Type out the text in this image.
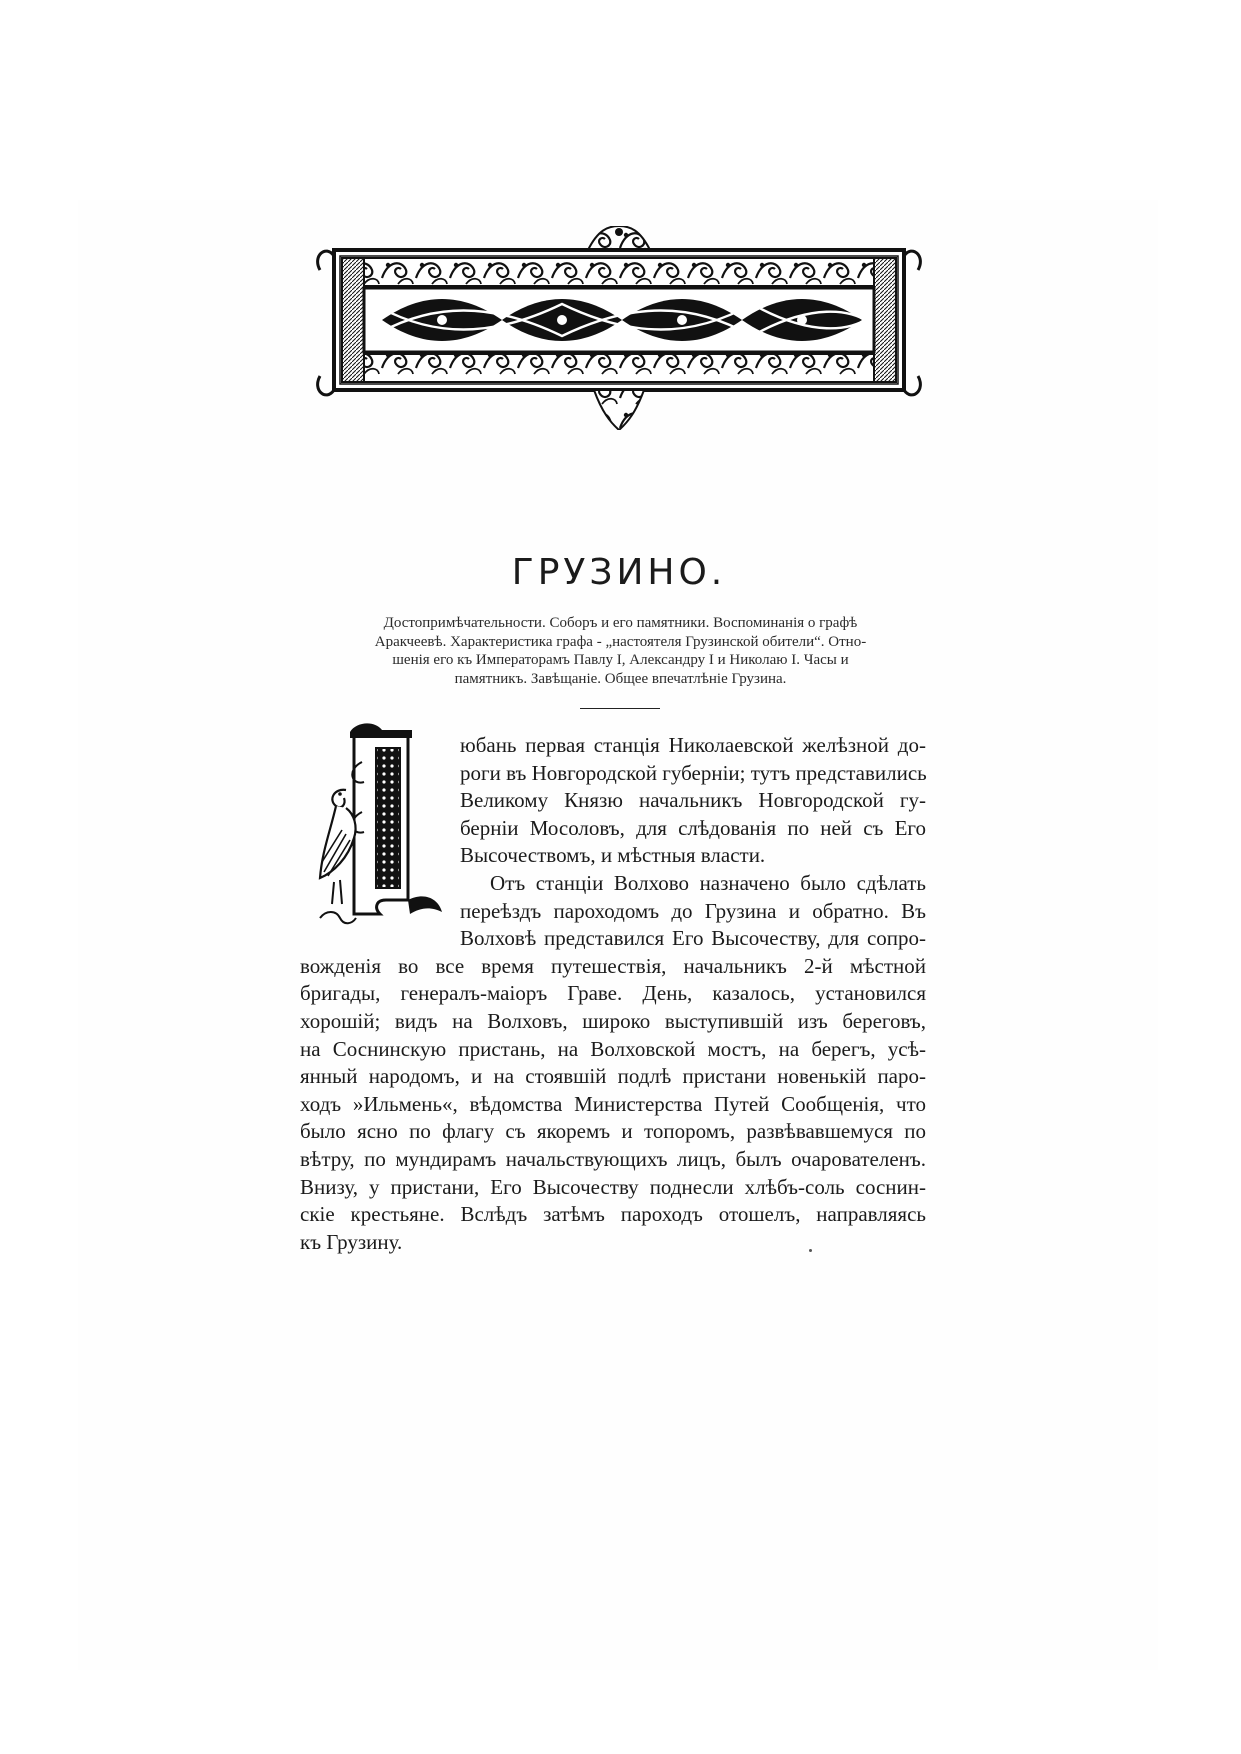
ГРУЗИНО.
Достопримѣчательности. Соборъ и его памятники. Воспоминанія о графѣ
Аракчеевѣ. Характеристика графа - „настоятеля Грузинской обители“. Отно-
шенія его къ Императорамъ Павлу I, Александру I и Николаю I. Часы и
памятникъ. Завѣщаніе. Общее впечатлѣніе Грузина.
юбань первая станція Николаевской желѣзной до-
роги въ Новгородской губерніи; тутъ представились
Великому Князю начальникъ Новгородской гу-
берніи Мосоловъ, для слѣдованія по ней съ Его
Высочествомъ, и мѣстныя власти.
Отъ станціи Волхово назначено было сдѣлать
переѣздъ пароходомъ до Грузина и обратно. Въ
Волховѣ представился Его Высочеству, для сопро-
вожденія во все время путешествія, начальникъ 2-й мѣстной
бригады, генералъ-маіоръ Граве. День, казалось, установился
хорошій; видъ на Волховъ, широко выступившій изъ береговъ,
на Соснинскую пристань, на Волховской мостъ, на берегъ, усѣ-
янный народомъ, и на стоявшій подлѣ пристани новенькій паро-
ходъ »Ильмень«, вѣдомства Министерства Путей Сообщенія, что
было ясно по флагу съ якоремъ и топоромъ, развѣвавшемуся по
вѣтру, по мундирамъ начальствующихъ лицъ, былъ очарователенъ.
Внизу, у пристани, Его Высочеству поднесли хлѣбъ-соль соснин-
скіе крестьяне. Вслѣдъ затѣмъ пароходъ отошелъ, направляясь
къ Грузину.
